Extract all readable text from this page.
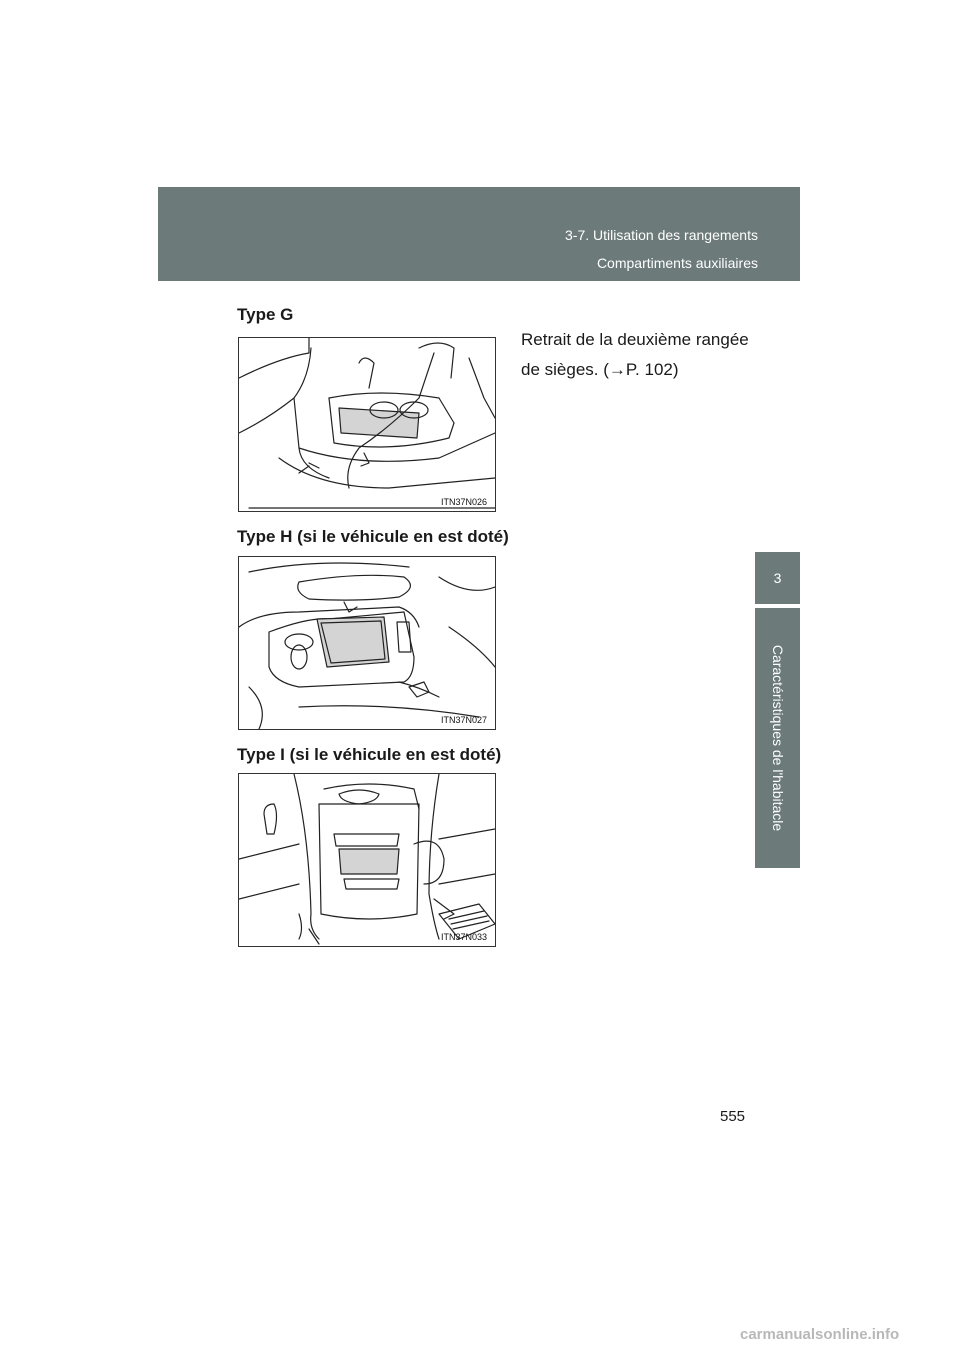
3-7. Utilisation des rangements
Compartiments auxiliaires
3
Caractéristiques de l'habitacle
Type G
ITN37N026
Retrait de la deuxième rangée
de sièges. (→P. 102)
Type H (si le véhicule en est doté)
ITN37N027
Type I (si le véhicule en est doté)
ITN37N033
555
carmanualsonline.info
